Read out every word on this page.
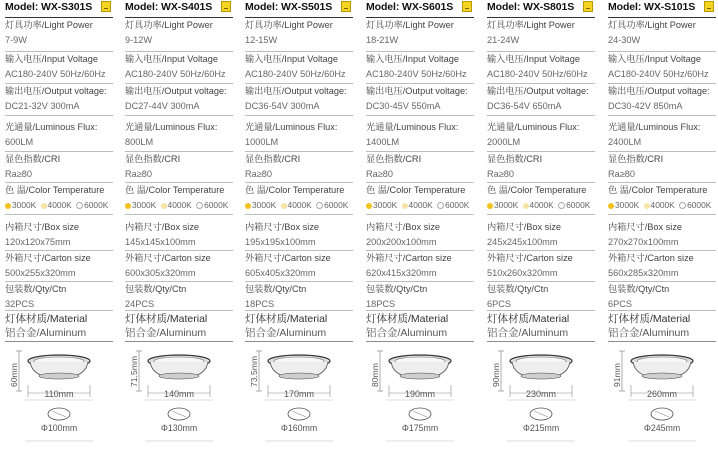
Model: WX-S301S
灯具功率/Light Power
7-9W
输入电压/Input Voltage
AC180-240V 50Hz/60Hz
输出电压/Output voltage:
DC21-32V 300mA
光通量/Luminous Flux:
600LM
显色指数/CRI
Ra≥80
内箱尺寸/Box size
120x120x75mm
外箱尺寸/Carton size
500x255x320mm
包装数/Qty/Ctn
32PCS
色 温/Color Temperature
3000K 4000K 6000K
灯体材质/Material
铝合金/Aluminum
60mm
110mm
Φ100mm
Model: WX-S401S
灯具功率/Light Power
9-12W
输入电压/Input Voltage
AC180-240V 50Hz/60Hz
输出电压/Output voltage:
DC27-44V 300mA
光通量/Luminous Flux:
800LM
显色指数/CRI
Ra≥80
内箱尺寸/Box size
145x145x100mm
外箱尺寸/Carton size
600x305x320mm
包装数/Qty/Ctn
24PCS
色 温/Color Temperature
3000K 4000K 6000K
灯体材质/Material
铝合金/Aluminum
71.5mm
140mm
Φ130mm
Model: WX-S501S
灯具功率/Light Power
12-15W
输入电压/Input Voltage
AC180-240V 50Hz/60Hz
输出电压/Output voltage:
DC36-54V 300mA
光通量/Luminous Flux:
1000LM
显色指数/CRI
Ra≥80
内箱尺寸/Box size
195x195x100mm
外箱尺寸/Carton size
605x405x320mm
包装数/Qty/Ctn
18PCS
色 温/Color Temperature
3000K 4000K 6000K
灯体材质/Material
铝合金/Aluminum
73.5mm
170mm
Φ160mm
Model: WX-S601S
灯具功率/Light Power
18-21W
输入电压/Input Voltage
AC180-240V 50Hz/60Hz
输出电压/Output voltage:
DC30-45V 550mA
光通量/Luminous Flux:
1400LM
显色指数/CRI
Ra≥80
内箱尺寸/Box size
200x200x100mm
外箱尺寸/Carton size
620x415x320mm
包装数/Qty/Ctn
18PCS
色 温/Color Temperature
3000K 4000K 6000K
灯体材质/Material
铝合金/Aluminum
80mm
190mm
Φ175mm
Model: WX-S801S
灯具功率/Light Power
21-24W
输入电压/Input Voltage
AC180-240V 50Hz/60Hz
输出电压/Output voltage:
DC36-54V 650mA
光通量/Luminous Flux:
2000LM
显色指数/CRI
Ra≥80
内箱尺寸/Box size
245x245x100mm
外箱尺寸/Carton size
510x260x320mm
包装数/Qty/Ctn
6PCS
色 温/Color Temperature
3000K 4000K 6000K
灯体材质/Material
铝合金/Aluminum
90mm
230mm
Φ215mm
Model: WX-S101S
灯具功率/Light Power
24-30W
输入电压/Input Voltage
AC180-240V 50Hz/60Hz
输出电压/Output voltage:
DC30-42V 850mA
光通量/Luminous Flux:
2400LM
显色指数/CRI
Ra≥80
内箱尺寸/Box size
270x270x100mm
外箱尺寸/Carton size
560x285x320mm
包装数/Qty/Ctn
6PCS
色 温/Color Temperature
3000K 4000K 6000K
灯体材质/Material
铝合金/Aluminum
91mm
260mm
Φ245mm
